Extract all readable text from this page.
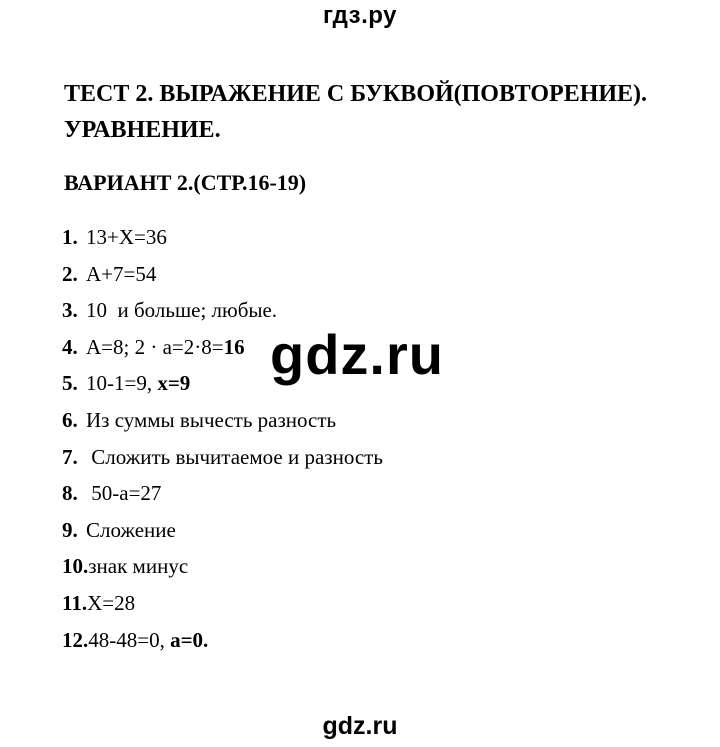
гдз.ру
ТЕСТ 2. ВЫРАЖЕНИЕ С БУКВОЙ(ПОВТОРЕНИЕ).
УРАВНЕНИЕ.
ВАРИАНТ 2.(СТР.16-19)
1. 13+Х=36
2. А+7=54
3. 10  и больше; любые.
4. А=8; 2 · а=2·8=16
5. 10-1=9, x=9
6. Из суммы вычесть разность
7. Сложить вычитаемое и разность
8. 50-а=27
9. Сложение
10.знак минус
11.Х=28
12.48-48=0, а=0.
gdz.ru
gdz.ru
